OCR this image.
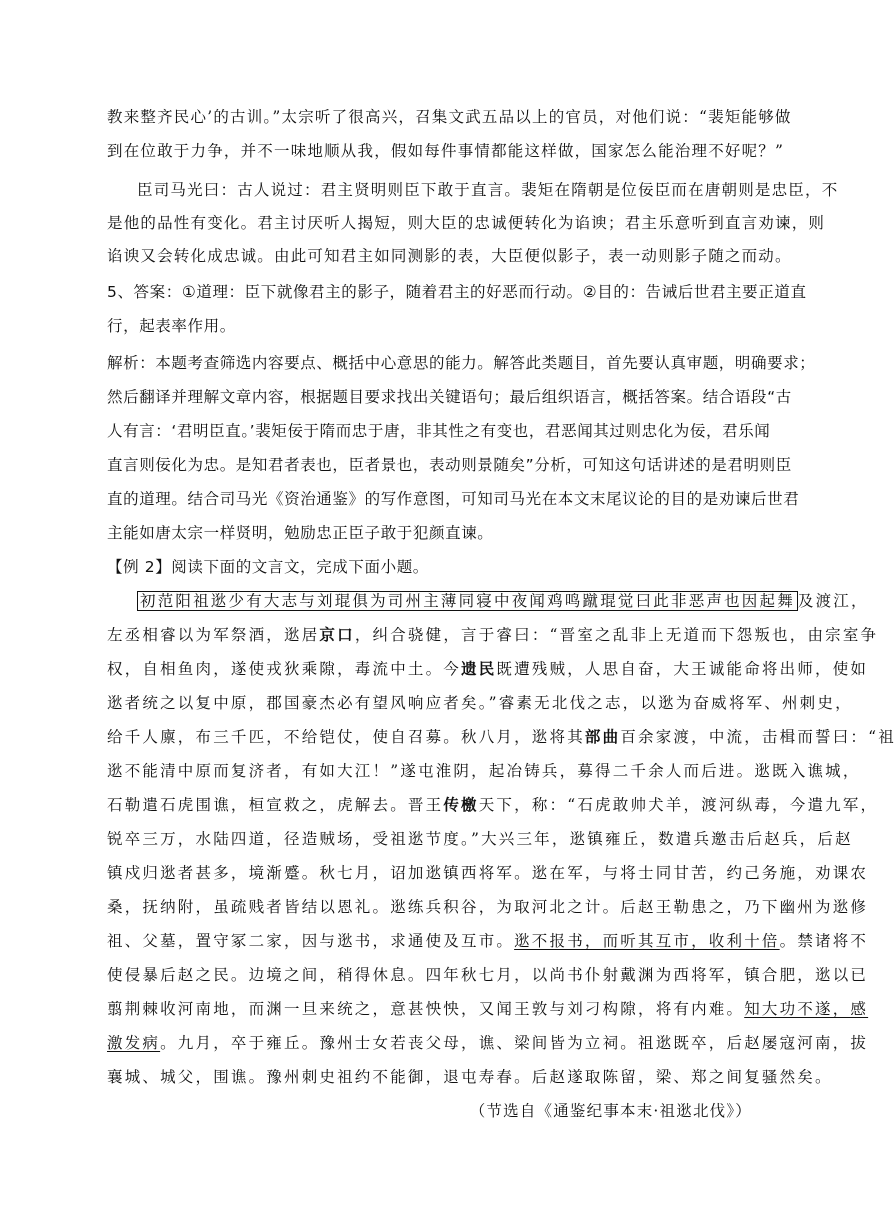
教来整齐民心’的古训。”太宗听了很高兴，召集文武五品以上的官员，对他们说：“裴矩能够做
到在位敢于力争，并不一味地顺从我，假如每件事情都能这样做，国家怎么能治理不好呢？”
臣司马光曰：古人说过：君主贤明则臣下敢于直言。裴矩在隋朝是位佞臣而在唐朝则是忠臣，不
是他的品性有变化。君主讨厌听人揭短，则大臣的忠诚便转化为谄谀；君主乐意听到直言劝谏，则
谄谀又会转化成忠诚。由此可知君主如同测影的表，大臣便似影子，表一动则影子随之而动。
5、答案：①道理：臣下就像君主的影子，随着君主的好恶而行动。②目的：告诫后世君主要正道直
行，起表率作用。
解析：本题考查筛选内容要点、概括中心意思的能力。解答此类题目，首先要认真审题，明确要求；
然后翻译并理解文章内容，根据题目要求找出关键语句；最后组织语言，概括答案。结合语段“古
人有言：‘君明臣直。’裴矩佞于隋而忠于唐，非其性之有变也，君恶闻其过则忠化为佞，君乐闻
直言则佞化为忠。是知君者表也，臣者景也，表动则景随矣”分析，可知这句话讲述的是君明则臣
直的道理。结合司马光《资治通鉴》的写作意图，可知司马光在本文末尾议论的目的是劝谏后世君
主能如唐太宗一样贤明，勉励忠正臣子敢于犯颜直谏。
【例 2】阅读下面的文言文，完成下面小题。
初范阳祖逖少有大志与刘琨俱为司州主薄同寝中夜闻鸡鸣蹴琨觉曰此非恶声也因起舞 及渡江，
左丞相睿以为军祭酒，逖居京口，纠合骁健，言于睿曰：“晋室之乱非上无道而下怨叛也，由宗室争
权，自相鱼肉，遂使戎狄乘隙，毒流中土。今遗民既遭残贼，人思自奋，大王诚能命将出师，使如
逖者统之以复中原，郡国豪杰必有望风响应者矣。”睿素无北伐之志，以逖为奋威将军、州刺史，
给千人廪，布三千匹，不给铠仗，使自召募。秋八月，逖将其部曲百余家渡，中流，击楫而誓曰：“祖
逖不能清中原而复济者，有如大江！”遂屯淮阴，起冶铸兵，募得二千余人而后进。逖既入谯城，
石勒遣石虎围谯，桓宣救之，虎解去。晋王传檄天下，称：“石虎敢帅犬羊，渡河纵毒，今遣九军，
锐卒三万，水陆四道，径造贼场，受祖逖节度。”大兴三年，逖镇雍丘，数遣兵邀击后赵兵，后赵
镇戍归逖者甚多，境渐蹙。秋七月，诏加逖镇西将军。逖在军，与将士同甘苦，约己务施，劝课农
桑，抚纳附，虽疏贱者皆结以恩礼。逖练兵积谷，为取河北之计。后赵王勒患之，乃下幽州为逖修
祖、父墓，置守冢二家，因与逖书，求通使及互市。逖不报书，而听其互市，收利十倍。禁诸将不
使侵暴后赵之民。边境之间，稍得休息。四年秋七月，以尚书仆射戴渊为西将军，镇合肥，逖以已
翦荆棘收河南地，而渊一旦来统之，意甚怏怏，又闻王敦与刘刁构隙，将有内难。知大功不遂，感
激发病。九月，卒于雍丘。豫州士女若丧父母，谯、梁间皆为立祠。祖逖既卒，后赵屡寇河南，拔
襄城、城父，围谯。豫州刺史祖约不能御，退屯寿春。后赵遂取陈留，梁、郑之间复骚然矣。
（节选自《通鉴纪事本末·祖逖北伐》）
